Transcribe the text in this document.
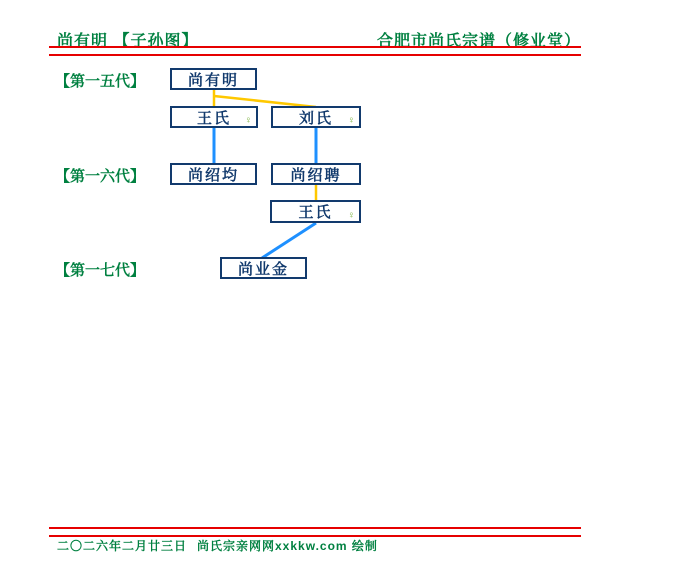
尚有明 【子孙图】	合肥市尚氏宗谱（修业堂）
【第一五代】
【第一六代】
【第一七代】
尚有明
王氏 ♀	刘氏 ♀
尚绍均	尚绍聘
王氏 ♀
尚业金
二〇二六年二月廿三日 尚氏宗亲网网xxkkw.com 绘制
